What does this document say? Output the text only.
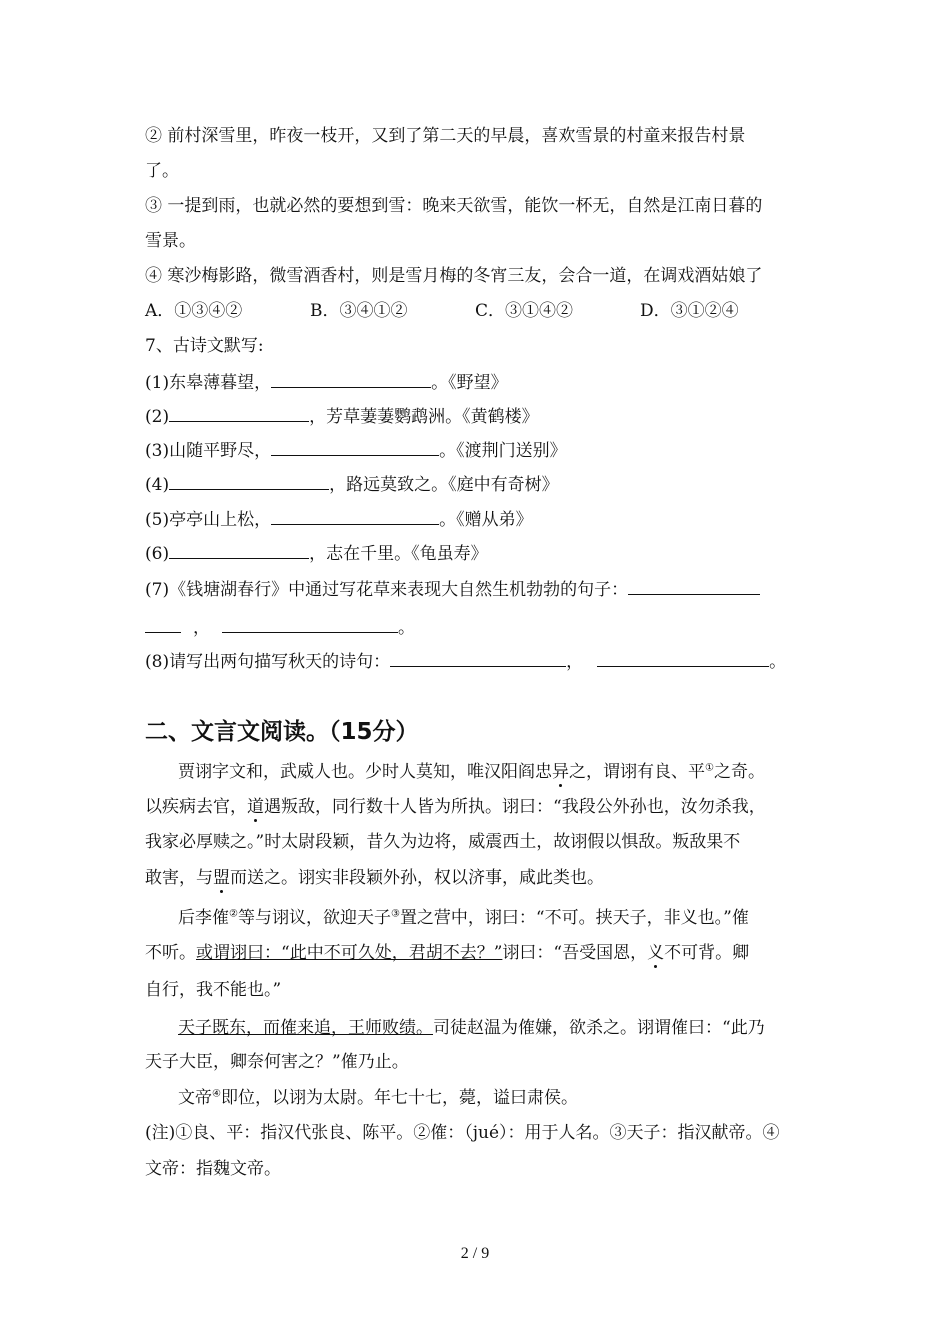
② 前村深雪里，昨夜一枝开，又到了第二天的早晨，喜欢雪景的村童来报告村景
了。
③ 一提到雨，也就必然的要想到雪：晚来天欲雪，能饮一杯无，自然是江南日暮的
雪景。
④ 寒沙梅影路，微雪酒香村，则是雪月梅的冬宵三友，会合一道，在调戏酒姑娘了
A．①③④②	B．③④①②	C．③①④②	D．③①②④
7、古诗文默写:
(1)东皋薄暮望，	。《野望》
(2)	，芳草萋萋鹦鹉洲。《黄鹤楼》
(3)山随平野尽，	。《渡荆门送别》
(4)	，路远莫致之。《庭中有奇树》
(5)亭亭山上松，	。《赠从弟》
(6)	，志在千里。《龟虽寿》
(7)《钱塘湖春行》中通过写花草来表现大自然生机勃勃的句子：
，	。
(8)请写出两句描写秋天的诗句：	，	。
二、文言文阅读。（15分）
贾诩字文和，武威人也。少时人莫知，唯汉阳阎忠异之，谓诩有良、平①之奇。
以疾病去官，道遇叛敌，同行数十人皆为所执。诩曰：“我段公外孙也，汝勿杀我，
我家必厚赎之。”时太尉段颖，昔久为边将，威震西土，故诩假以惧敌。叛敌果不
敢害，与盟而送之。诩实非段颖外孙，权以济事，咸此类也。
后李傕②等与诩议，欲迎天子③置之营中，诩曰：“不可。挟天子，非义也。”傕
不听。或谓诩曰：“此中不可久处，君胡不去？”诩曰：“吾受国恩，义不可背。卿
自行，我不能也。”
天子既东，而傕来追，王师败绩。司徒赵温为傕嫌，欲杀之。诩谓傕曰：“此乃
天子大臣，卿奈何害之？”傕乃止。
文帝④即位，以诩为太尉。年七十七，薨，谥曰肃侯。
(注)①良、平：指汉代张良、陈平。②傕：（jué）：用于人名。③天子：指汉献帝。④
文帝：指魏文帝。
2 / 9
